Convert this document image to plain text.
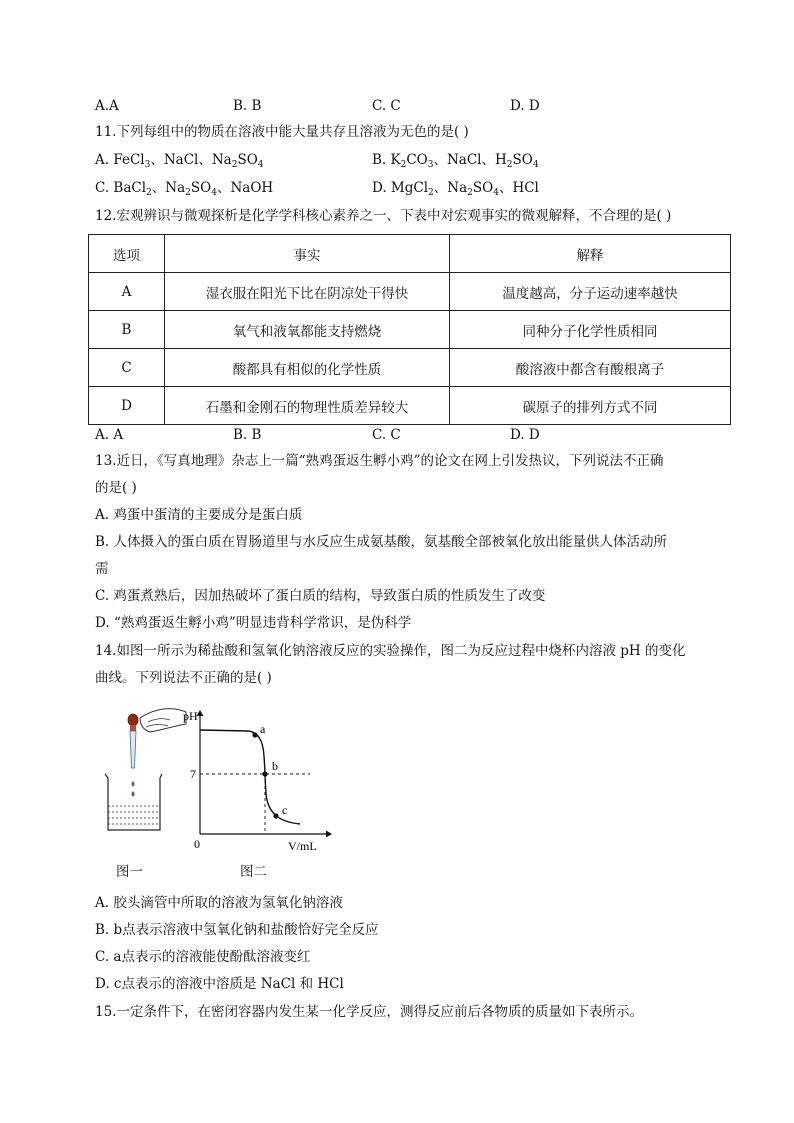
A.A	B. B	C. C	D. D
11.下列每组中的物质在溶液中能大量共存且溶液为无色的是( )
A. FeCl$_3$、NaCl、$Na_2SO_4$	B. $K_2CO_3$、NaCl、$H_2SO_4$
C. BaCl$_2$、$Na_2SO_4$、NaOH	D. MgCl$_2$、$Na_2SO_4$、HCl
12.宏观辨识与微观探析是化学学科核心素养之一、下表中对宏观事实的微观解释，不合理的是( )
选项	事实	解释
A	湿衣服在阳光下比在阴凉处干得快	温度越高，分子运动速率越快
B	氧气和液氧都能支持燃烧	同种分子化学性质相同
C	酸都具有相似的化学性质	酸溶液中都含有酸根离子
D	石墨和金刚石的物理性质差异较大	碳原子的排列方式不同
A. A	B. B	C. C	D. D
13.近日，《写真地理》杂志上一篇“熟鸡蛋返生孵小鸡”的论文在网上引发热议，下列说法不正确
的是( )
A. 鸡蛋中蛋清的主要成分是蛋白质
B. 人体摄入的蛋白质在胃肠道里与水反应生成氨基酸，氨基酸全部被氧化放出能量供人体活动所
需
C. 鸡蛋煮熟后，因加热破坏了蛋白质的结构，导致蛋白质的性质发生了改变
D. “熟鸡蛋返生孵小鸡”明显违背科学常识，是伪科学
14.如图一所示为稀盐酸和氢氧化钠溶液反应的实验操作，图二为反应过程中烧杯内溶液 pH 的变化
曲线。下列说法不正确的是( )
a
b
c
pH
7
0	V/mL
图一	图二
A. 胶头滴管中所取的溶液为氢氧化钠溶液
B. b点表示溶液中氢氧化钠和盐酸恰好完全反应
C. a点表示的溶液能使酚酞溶液变红
D. c点表示的溶液中溶质是 NaCl 和 HCl
15.一定条件下，在密闭容器内发生某一化学反应，测得反应前后各物质的质量如下表所示。
